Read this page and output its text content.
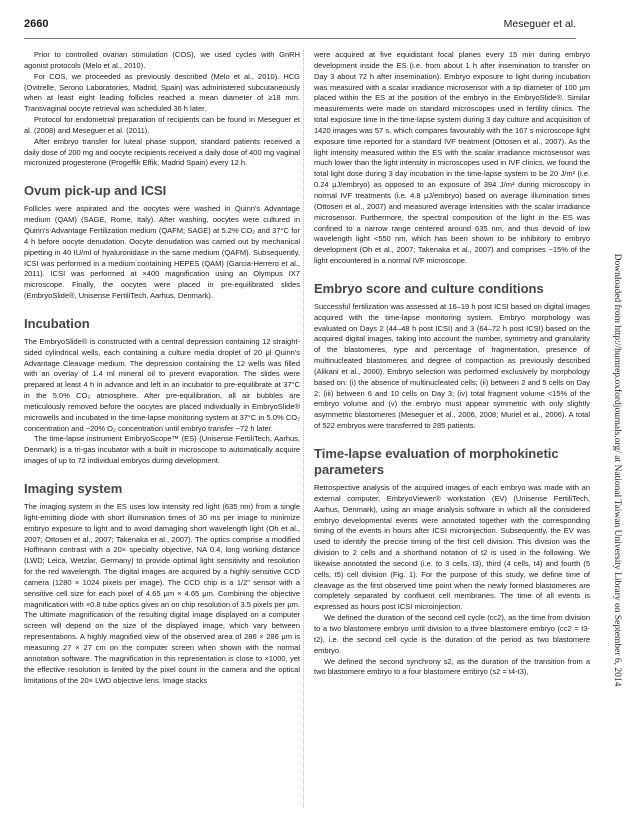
2660	Meseguer et al.

Prior to controlled ovarian stimulation (COS), we used cycles with GnRH agonist protocols (Melo et al., 2010).

For COS, we proceeded as previously described (Melo et al., 2010). HCG (Ovitrelle, Serono Laboratories, Madrid, Spain) was administered subcutaneously when at least eight leading follicles reached a mean diameter of ≥18 mm. Transvaginal oocyte retrieval was scheduled 36 h later.

Protocol for endometrial preparation of recipients can be found in Meseguer et al. (2008) and Meseguer et al. (2011).

After embryo transfer for luteal phase support, standard patients received a daily dose of 200 mg and oocyte recipients received a daily dose of 400 mg vaginal micronized progesterone (Progeffik Effik, Madrid Spain) every 12 h.

Ovum pick-up and ICSI

Follicles were aspirated and the oocytes were washed in Quinn's Advantage medium (QAM) (SAGE, Rome, Italy). After washing, oocytes were cultured in Quinn's Advantage Fertilization medium (QAFM; SAGE) at 5.2% CO₂ and 37°C for 4 h before oocyte denudation. Oocyte denudation was carried out by mechanical pipetting in 40 IU/ml of hyaluronidase in the same medium (QAFM). Subsequently, ICSI was performed in a medium containing HEPES (QAM) (Garcia-Herrero et al., 2011). ICSI was performed at ×400 magnification using an Olympus IX7 microscope. Finally, the oocytes were placed in pre-equilibrated slides (EmbryoSlide®, Unisense FertiliTech, Aarhus, Denmark).

Incubation

The EmbryoSlide® is constructed with a central depression containing 12 straight-sided cylindrical wells, each containing a culture media droplet of 20 μl Quinn's Advantage Cleavage medium. The depression containing the 12 wells was filled with an overlay of 1.4 ml mineral oil to prevent evaporation. The slides were prepared at least 4 h in advance and left in an incubator to pre-equilibrate at 37°C in the 5.0% CO₂ atmosphere. After pre-equilibration, all air bubbles are meticulously removed before the oocytes are placed individually in EmbryoSlide® microwells and incubated in the time-lapse monitoring system at 37°C in 5.0% CO₂ concentration and ~20% O₂ concentration until embryo transfer ~72 h later.

The time-lapse instrument EmbryoScope™ (ES) (Unisense FertiliTech, Aarhus, Denmark) is a tri-gas incubator with a built in microscope to automatically acquire images of up to 72 individual embryos during development.

Imaging system

The imaging system in the ES uses low intensity red light (635 nm) from a single light-emitting diode with short illumination times of 30 ms per image to minimize embryo exposure to light and to avoid damaging short wavelength light (Oh et al., 2007; Ottosen et al., 2007; Takenaka et al., 2007). The optics comprise a modified Hoffmann contrast with a 20× specialty objective, NA 0.4, long working distance (LWD; Leica, Wetzlar, Germany) to provide optimal light sensitivity and resolution for the red wavelength. The digital images are acquired by a highly sensitive CCD camera (1280 × 1024 pixels per image). The CCD chip is a 1/2" sensor with a sensitive cell size for each pixel of 4.65 μm × 4.65 μm. Combining the objective magnification with ×0.8 tube optics gives an on chip resolution of 3.5 pixels per μm. The ultimate magnification of the resulting digital image displayed on a computer screen will depend on the size of the displayed image, which vary between representations. A highly magnified view of the observed area of 286 × 286 μm is measuring 27 × 27 cm on the computer screen when shown with the normal annotation software. The magnification in this representation is close to ×1000, yet the effective resolution is limited by the pixel count in the camera and the optical limitations of the 20× LWD objective lens. Image stacks

were acquired at five equidistant focal planes every 15 min during embryo development inside the ES (i.e. from about 1 h after insemination to transfer on Day 3 about 72 h after insemination). Embryo exposure to light during incubation was measured with a scalar irradiance microsensor with a tip diameter of 100 μm placed within the ES at the position of the embryo in the EmbryoSlide®. Similar measurements were made on standard microscopes used in fertility clinics. The total exposure time in the time-lapse system during 3 day culture and acquisition of 1420 images was 57 s, which compares favourably with the 167 s microscope light exposure time reported for a standard IVF treatment (Ottosen et al., 2007). As the light intensity measured within the ES with the scalar irradiance microsensor was much lower than the light intensity in microscopes used in IVF clinics, we found the total light dose during 3 day incubation in the time-lapse system to be 20 J/m² (i.e. 0.24 μJ/embryo) as opposed to an exposure of 394 J/m² during microscopy in normal IVF treatments (i.e. 4.8 μJ/embryo) based on average illumination times (Ottosen et al., 2007) and measured average intensities with the scalar irradiance microsensor. Furthermore, the spectral composition of the light in the ES was confined to a narrow range centered around 635 nm, and thus devoid of low wavelength light <550 nm, which has been shown to be inhibitory to embryo development (Oh et al., 2007; Takenaka et al., 2007) and comprises ~15% of the light encountered in a normal IVF microscope.

Embryo score and culture conditions

Successful fertilization was assessed at 16–19 h post ICSI based on digital images acquired with the time-lapse monitoring system. Embryo morphology was evaluated on Days 2 (44–48 h post ICSI) and 3 (64–72 h post ICSI) based on the acquired digital images, taking into account the number, symmetry and granularity of the blastomeres, type and percentage of fragmentation, presence of multinucleated blastomeres and degree of compaction as previously described (Alikani et al., 2000). Embryo selection was performed exclusively by morphology based on: (i) the absence of multinucleated cells; (ii) between 2 and 5 cells on Day 2; (iii) between 6 and 10 cells on Day 3; (iv) total fragment volume <15% of the embryo volume and (v) the embryo must appear symmetric with only slightly asymmetric blastomeres (Meseguer et al., 2006, 2008; Muriel et al., 2006). A total of 522 embryos were transferred to 285 patients.

Time-lapse evaluation of morphokinetic parameters

Retrospective analysis of the acquired images of each embryo was made with an external computer, EmbryoViewer® workstation (EV) (Unisense FertiliTech, Aarhus, Denmark), using an image analysis software in which all the considered embryo developmental events were annotated together with the corresponding timing of the events in hours after ICSI microinjection. Subsequently, the EV was used to identify the precise timing of the first cell division. This division was the division to 2 cells and a shorthand notation of t2 is used in the following. We likewise annotated the second (i.e. to 3 cells, t3), third (4 cells, t4) and fourth (5 cells, t5) cell division (Fig. 1). For the purpose of this study, we define time of cleavage as the first observed time point when the newly formed blastomeres are completely separated by confluent cell membranes. The time of all events is expressed as hours post ICSI microinjection.

We defined the duration of the second cell cycle (cc2), as the time from division to a two blastomere embryo until division to a three blastomere embryo (cc2 = t3-t2), i.e. the second cell cycle is the duration of the period as two blastomere embryo.

We defined the second synchrony s2, as the duration of the transition from a two blastomere embryo to a four blastomere embryo (s2 = t4-t3),	Downloaded from http://humrep.oxfordjournals.org/ at National Taiwan University Library on September 6, 2014
